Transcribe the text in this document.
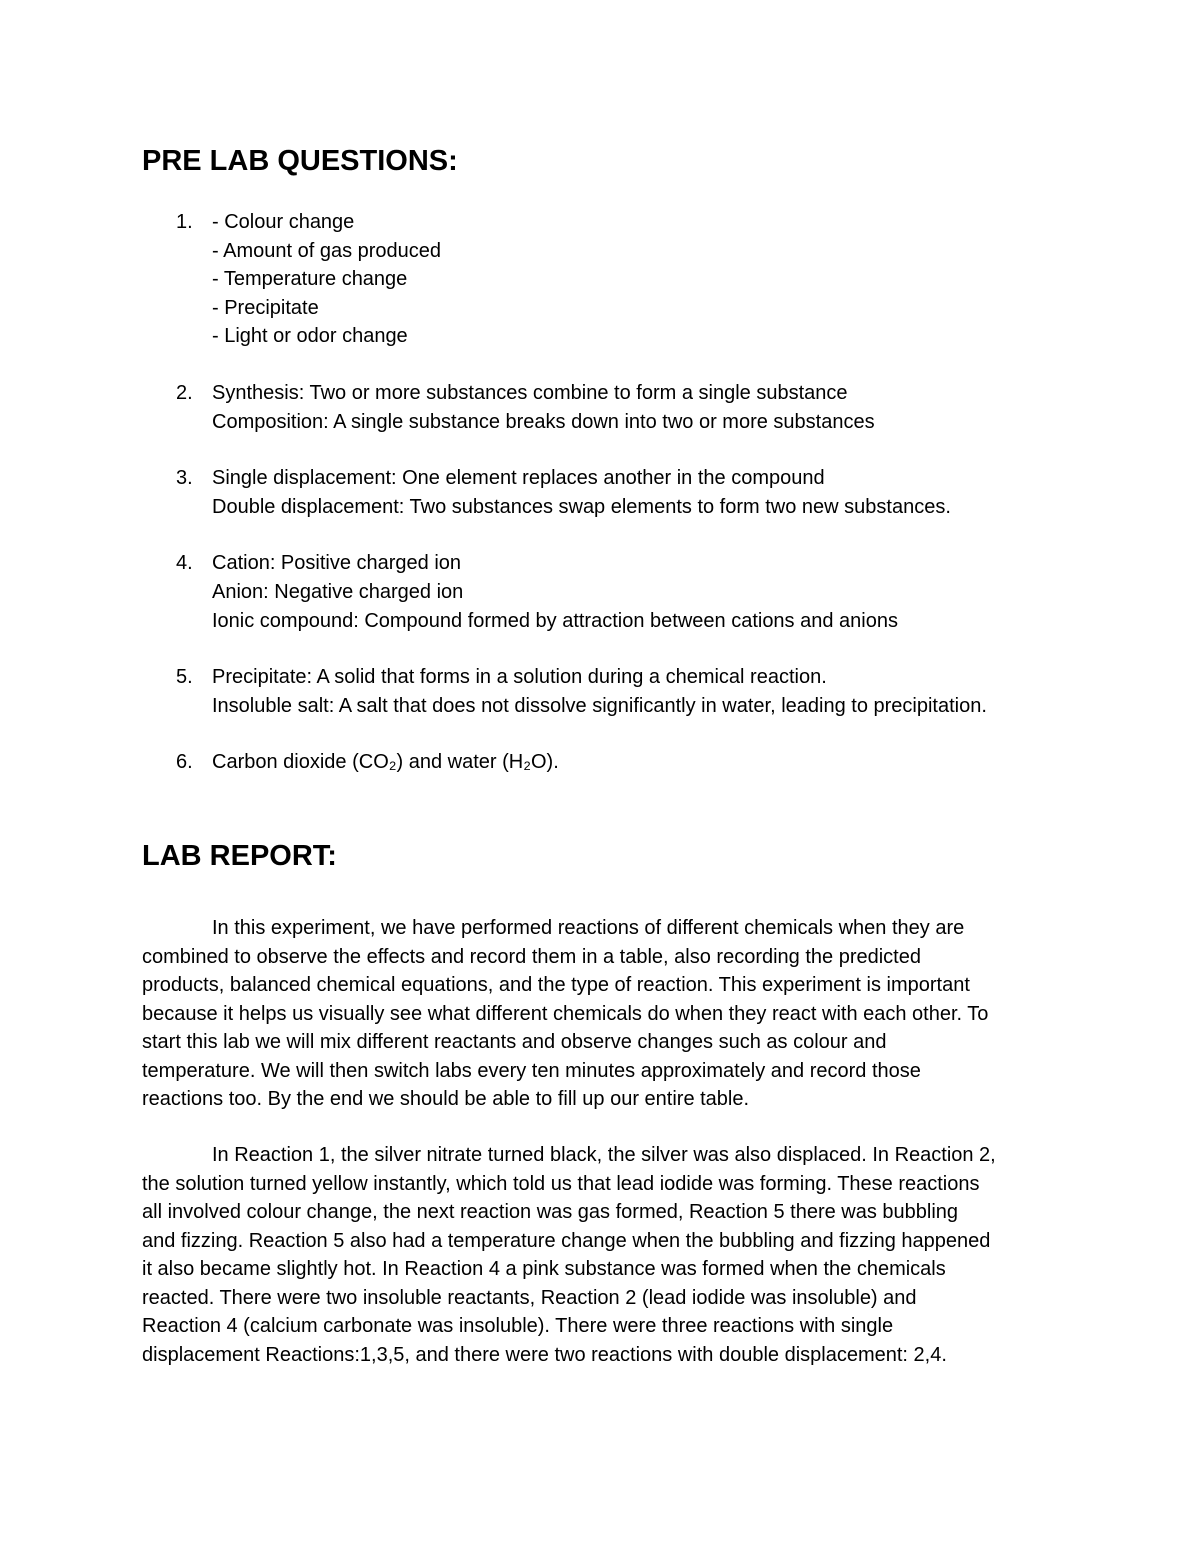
PRE LAB QUESTIONS:
1. - Colour change
- Amount of gas produced
- Temperature change
- Precipitate
- Light or odor change
2. Synthesis: Two or more substances combine to form a single substance
Composition: A single substance breaks down into two or more substances
3. Single displacement: One element replaces another in the compound
Double displacement: Two substances swap elements to form two new substances.
4. Cation: Positive charged ion
Anion: Negative charged ion
Ionic compound: Compound formed by attraction between cations and anions
5. Precipitate: A solid that forms in a solution during a chemical reaction.
Insoluble salt: A salt that does not dissolve significantly in water, leading to precipitation.
6. Carbon dioxide (CO₂) and water (H₂O).
LAB REPORT:

In this experiment, we have performed reactions of different chemicals when they are
combined to observe the effects and record them in a table, also recording the predicted
products, balanced chemical equations, and the type of reaction. This experiment is important
because it helps us visually see what different chemicals do when they react with each other. To
start this lab we will mix different reactants and observe changes such as colour and
temperature. We will then switch labs every ten minutes approximately and record those
reactions too. By the end we should be able to fill up our entire table.

In Reaction 1, the silver nitrate turned black, the silver was also displaced. In Reaction 2,
the solution turned yellow instantly, which told us that lead iodide was forming. These reactions
all involved colour change, the next reaction was gas formed, Reaction 5 there was bubbling
and fizzing. Reaction 5 also had a temperature change when the bubbling and fizzing happened
it also became slightly hot. In Reaction 4 a pink substance was formed when the chemicals
reacted. There were two insoluble reactants, Reaction 2 (lead iodide was insoluble) and
Reaction 4 (calcium carbonate was insoluble). There were three reactions with single
displacement Reactions:1,3,5, and there were two reactions with double displacement: 2,4.
